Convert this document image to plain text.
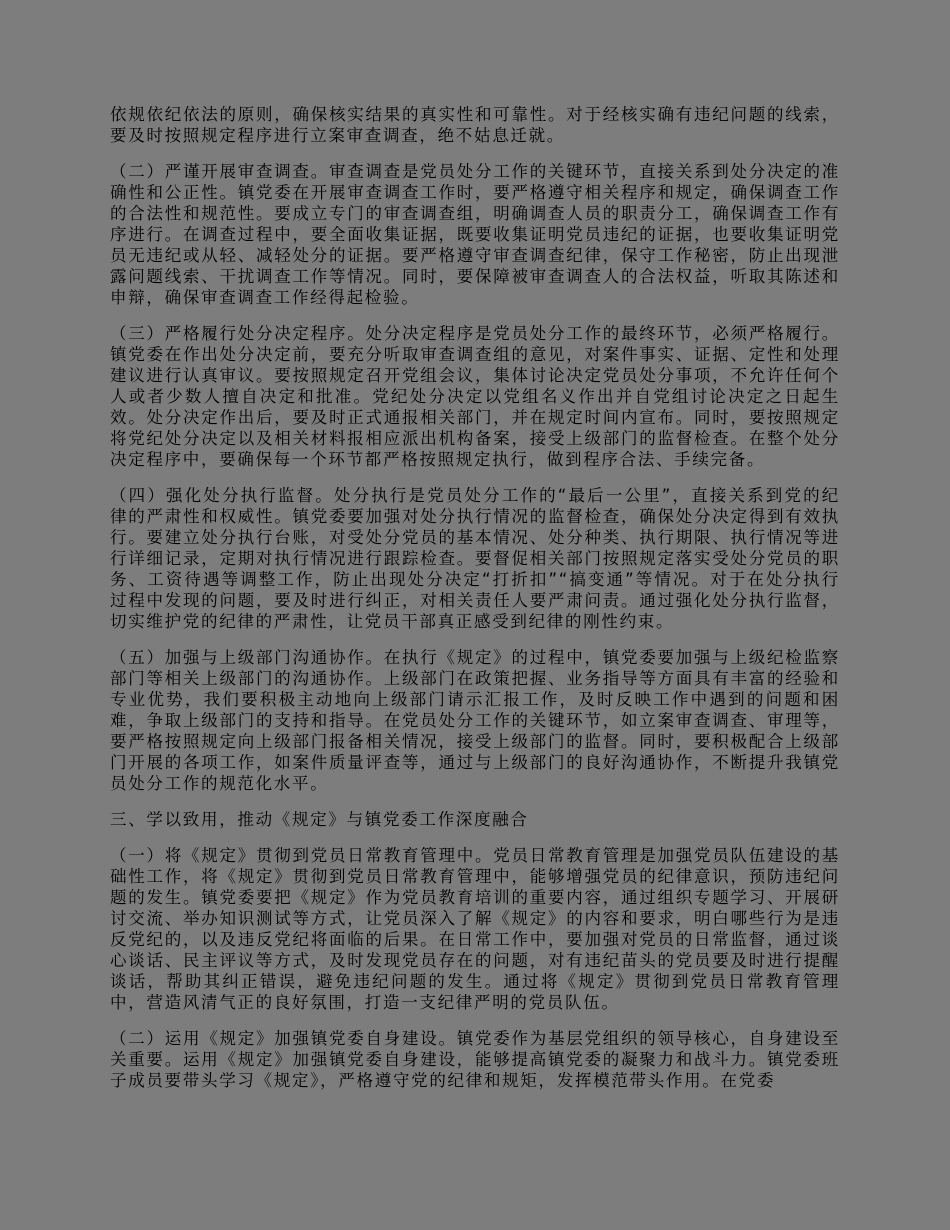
依规依纪依法的原则，确保核实结果的真实性和可靠性。对于经核实确有违纪问题的线索，要及时按照规定程序进行立案审查调查，绝不姑息迁就。

（二）严谨开展审查调查。审查调查是党员处分工作的关键环节，直接关系到处分决定的准确性和公正性。镇党委在开展审查调查工作时，要严格遵守相关程序和规定，确保调查工作的合法性和规范性。要成立专门的审查调查组，明确调查人员的职责分工，确保调查工作有序进行。在调查过程中，要全面收集证据，既要收集证明党员违纪的证据，也要收集证明党员无违纪或从轻、减轻处分的证据。要严格遵守审查调查纪律，保守工作秘密，防止出现泄露问题线索、干扰调查工作等情况。同时，要保障被审查调查人的合法权益，听取其陈述和申辩，确保审查调查工作经得起检验。

（三）严格履行处分决定程序。处分决定程序是党员处分工作的最终环节，必须严格履行。镇党委在作出处分决定前，要充分听取审查调查组的意见，对案件事实、证据、定性和处理建议进行认真审议。要按照规定召开党组会议，集体讨论决定党员处分事项，不允许任何个人或者少数人擅自决定和批准。党纪处分决定以党组名义作出并自党组讨论决定之日起生效。处分决定作出后，要及时正式通报相关部门，并在规定时间内宣布。同时，要按照规定将党纪处分决定以及相关材料报相应派出机构备案，接受上级部门的监督检查。在整个处分决定程序中，要确保每一个环节都严格按照规定执行，做到程序合法、手续完备。

（四）强化处分执行监督。处分执行是党员处分工作的“最后一公里”，直接关系到党的纪律的严肃性和权威性。镇党委要加强对处分执行情况的监督检查，确保处分决定得到有效执行。要建立处分执行台账，对受处分党员的基本情况、处分种类、执行期限、执行情况等进行详细记录，定期对执行情况进行跟踪检查。要督促相关部门按照规定落实受处分党员的职务、工资待遇等调整工作，防止出现处分决定“打折扣”“搞变通”等情况。对于在处分执行过程中发现的问题，要及时进行纠正，对相关责任人要严肃问责。通过强化处分执行监督，切实维护党的纪律的严肃性，让党员干部真正感受到纪律的刚性约束。

（五）加强与上级部门沟通协作。在执行《规定》的过程中，镇党委要加强与上级纪检监察部门等相关上级部门的沟通协作。上级部门在政策把握、业务指导等方面具有丰富的经验和专业优势，我们要积极主动地向上级部门请示汇报工作，及时反映工作中遇到的问题和困难，争取上级部门的支持和指导。在党员处分工作的关键环节，如立案审查调查、审理等，要严格按照规定向上级部门报备相关情况，接受上级部门的监督。同时，要积极配合上级部门开展的各项工作，如案件质量评查等，通过与上级部门的良好沟通协作，不断提升我镇党员处分工作的规范化水平。

三、学以致用，推动《规定》与镇党委工作深度融合

（一）将《规定》贯彻到党员日常教育管理中。党员日常教育管理是加强党员队伍建设的基础性工作，将《规定》贯彻到党员日常教育管理中，能够增强党员的纪律意识，预防违纪问题的发生。镇党委要把《规定》作为党员教育培训的重要内容，通过组织专题学习、开展研讨交流、举办知识测试等方式，让党员深入了解《规定》的内容和要求，明白哪些行为是违反党纪的，以及违反党纪将面临的后果。在日常工作中，要加强对党员的日常监督，通过谈心谈话、民主评议等方式，及时发现党员存在的问题，对有违纪苗头的党员要及时进行提醒谈话，帮助其纠正错误，避免违纪问题的发生。通过将《规定》贯彻到党员日常教育管理中，营造风清气正的良好氛围，打造一支纪律严明的党员队伍。

（二）运用《规定》加强镇党委自身建设。镇党委作为基层党组织的领导核心，自身建设至关重要。运用《规定》加强镇党委自身建设，能够提高镇党委的凝聚力和战斗力。镇党委班子成员要带头学习《规定》，严格遵守党的纪律和规矩，发挥模范带头作用。在党委
